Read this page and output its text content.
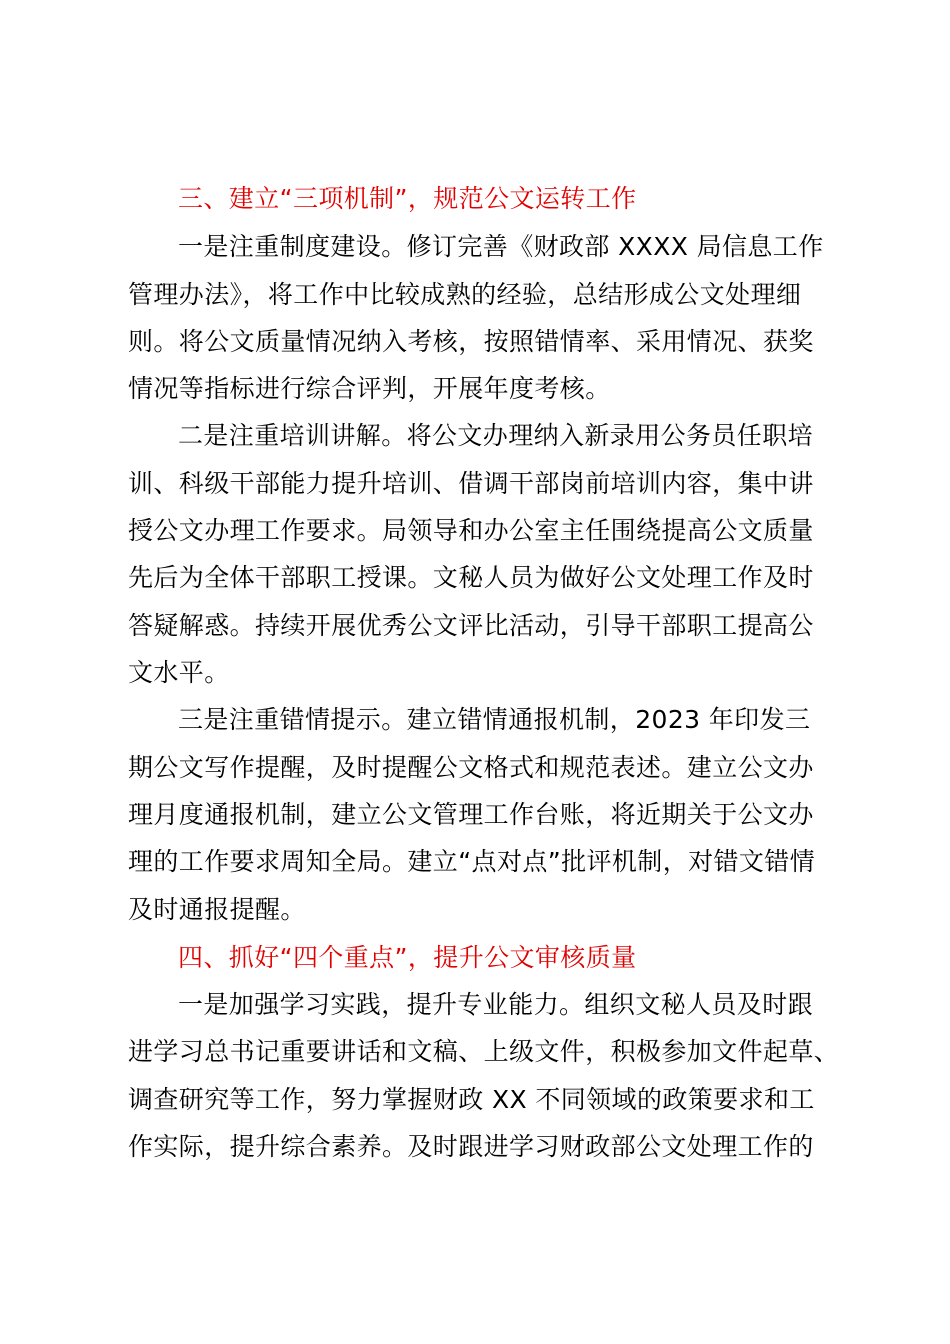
三、建立“三项机制”，规范公文运转工作
一是注重制度建设。修订完善《财政部 XXXX 局信息工作
管理办法》，将工作中比较成熟的经验，总结形成公文处理细
则。将公文质量情况纳入考核，按照错情率、采用情况、获奖
情况等指标进行综合评判，开展年度考核。
二是注重培训讲解。将公文办理纳入新录用公务员任职培
训、科级干部能力提升培训、借调干部岗前培训内容，集中讲
授公文办理工作要求。局领导和办公室主任围绕提高公文质量
先后为全体干部职工授课。文秘人员为做好公文处理工作及时
答疑解惑。持续开展优秀公文评比活动，引导干部职工提高公
文水平。
三是注重错情提示。建立错情通报机制，2023 年印发三
期公文写作提醒，及时提醒公文格式和规范表述。建立公文办
理月度通报机制，建立公文管理工作台账，将近期关于公文办
理的工作要求周知全局。建立“点对点”批评机制，对错文错情
及时通报提醒。
四、抓好“四个重点”，提升公文审核质量
一是加强学习实践，提升专业能力。组织文秘人员及时跟
进学习总书记重要讲话和文稿、上级文件，积极参加文件起草、
调查研究等工作，努力掌握财政 XX 不同领域的政策要求和工
作实际，提升综合素养。及时跟进学习财政部公文处理工作的
